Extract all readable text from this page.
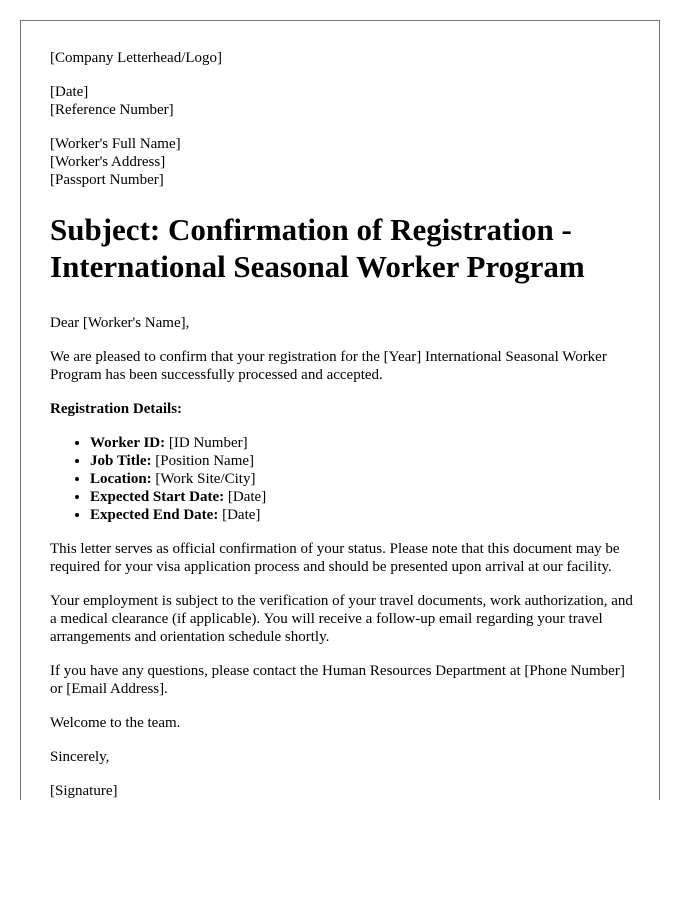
[Company Letterhead/Logo]
[Date]
[Reference Number]
[Worker's Full Name]
[Worker's Address]
[Passport Number]
Subject: Confirmation of Registration - International Seasonal Worker Program

Dear [Worker's Name],

We are pleased to confirm that your registration for the [Year] International Seasonal Worker Program has been successfully processed and accepted.

Registration Details:
• Worker ID: [ID Number]
• Job Title: [Position Name]
• Location: [Work Site/City]
• Expected Start Date: [Date]
• Expected End Date: [Date]

This letter serves as official confirmation of your status. Please note that this document may be required for your visa application process and should be presented upon arrival at our facility.

Your employment is subject to the verification of your travel documents, work authorization, and a medical clearance (if applicable). You will receive a follow-up email regarding your travel arrangements and orientation schedule shortly.

If you have any questions, please contact the Human Resources Department at [Phone Number] or [Email Address].

Welcome to the team.

Sincerely,

[Signature]
